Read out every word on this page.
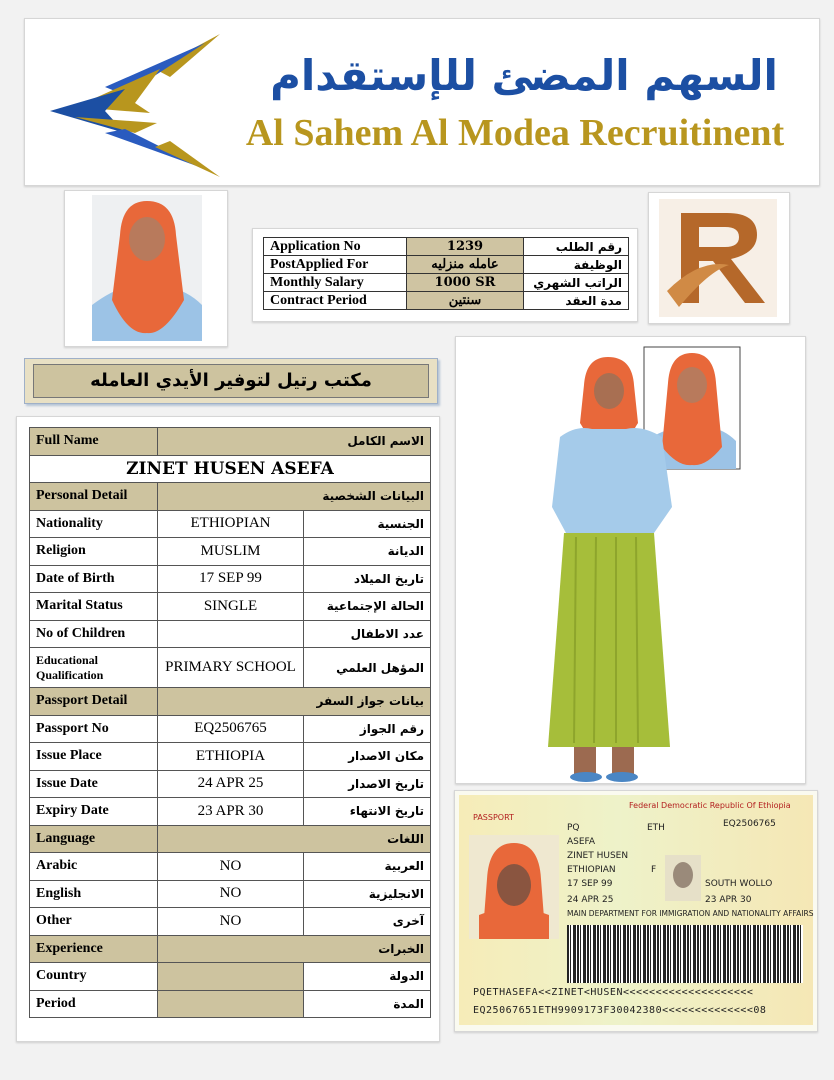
السهم المضئ للإستقدام
Al Sahem Al Modea Recruitinent
Application No	1239	رقم الطلب
PostApplied For	عامله منزليه	الوظيفة
Monthly Salary	1000 SR	الراتب الشهري
Contract Period	سنتين	مدة العقد
مكتب رتيل لتوفير الأيدي العامله
Full Name	الاسم الكامل	
ZINET HUSEN ASEFA		
Personal Detail	البيانات الشخصية	
Nationality	ETHIOPIAN	الجنسية
Religion	MUSLIM	الديانة
Date of Birth	17 SEP 99	تاريخ الميلاد
Marital Status	SINGLE	الحالة الإجتماعية
No of Children		عدد الاطفال
Educational Qualification	PRIMARY SCHOOL	المؤهل العلمي
Passport Detail	بيانات جواز السفر	
Passport No	EQ2506765	رقم الجواز
Issue Place	ETHIOPIA	مكان الاصدار
Issue Date	24 APR 25	تاريخ الاصدار
Expiry Date	23 APR 30	تاريخ الانتهاء
Language	اللغات	
Arabic	NO	العربية
English	NO	الانجليزية
Other	NO	آخرى
Experience	الخبرات	
Country		الدولة
Period		المدة
Federal Democratic Republic Of Ethiopia
PASSPORT
PQ	ETH	EQ2506765
ASEFA
ZINET HUSEN
ETHIOPIAN	F
17 SEP 99	SOUTH WOLLO
24 APR 25	23 APR 30
MAIN DEPARTMENT FOR IMMIGRATION AND NATIONALITY AFFAIRS
PQETHASEFA<<ZINET<HUSEN<<<<<<<<<<<<<<<<<<<<
EQ25067651ETH9909173F30042380<<<<<<<<<<<<<<08
